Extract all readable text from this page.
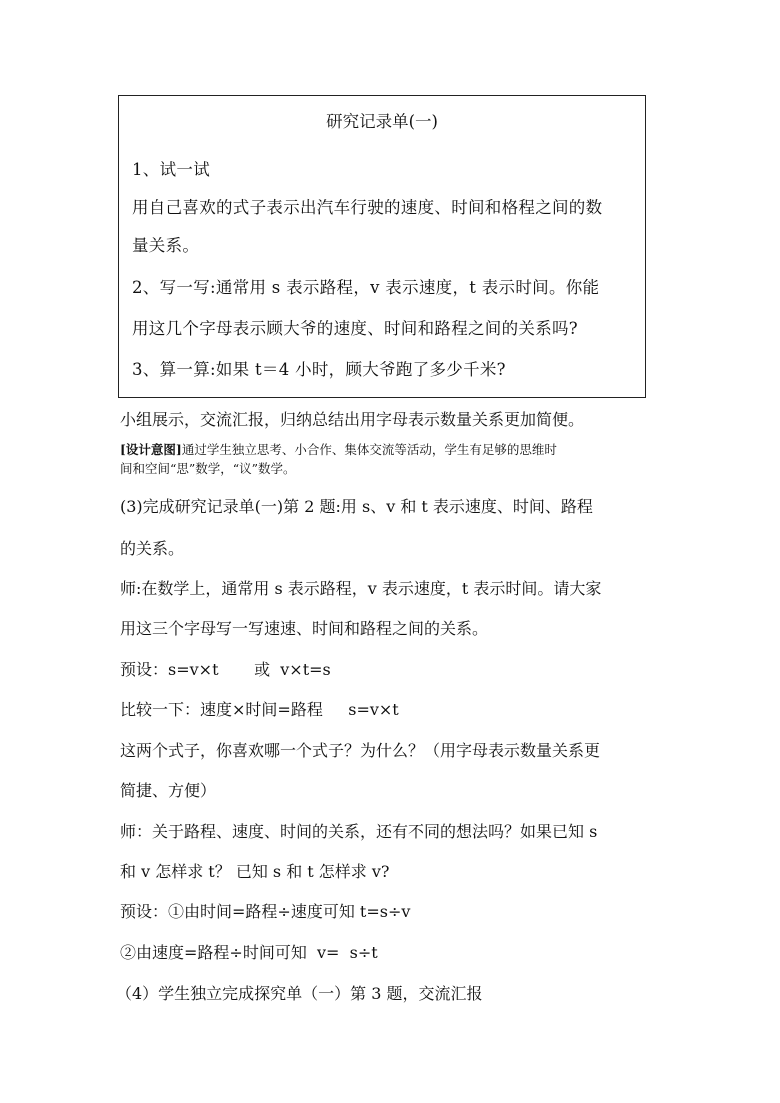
研究记录单(一)
1、试一试
用自己喜欢的式子表示出汽车行驶的速度、时间和格程之间的数
量关系。
2、写一写:通常用 s 表示路程，v 表示速度，t 表示时间。你能
用这几个字母表示顾大爷的速度、时间和路程之间的关系吗?
3、算一算:如果 t＝4 小时，顾大爷跑了多少千米?
小组展示，交流汇报，归纳总结出用字母表示数量关系更加简便。
[设计意图]通过学生独立思考、小合作、集体交流等活动，学生有足够的思维时
间和空间“思”数学，“议”数学。
(3)完成研究记录单(一)第 2 题:用 s、v 和 t 表示速度、时间、路程
的关系。
师:在数学上，通常用 s 表示路程，v 表示速度，t 表示时间。请大家
用这三个字母写一写速速、时间和路程之间的关系。
预设：s=v×t       或  v×t=s
比较一下：速度×时间=路程     s=v×t
这两个式子，你喜欢哪一个式子？为什么？（用字母表示数量关系更
简捷、方便）
师：关于路程、速度、时间的关系，还有不同的想法吗？如果已知 s
和 v 怎样求 t？ 已知 s 和 t 怎样求 v?
预设：①由时间=路程÷速度可知 t=s÷v
②由速度=路程÷时间可知  v=  s÷t
（4）学生独立完成探究单（一）第 3 题，交流汇报
